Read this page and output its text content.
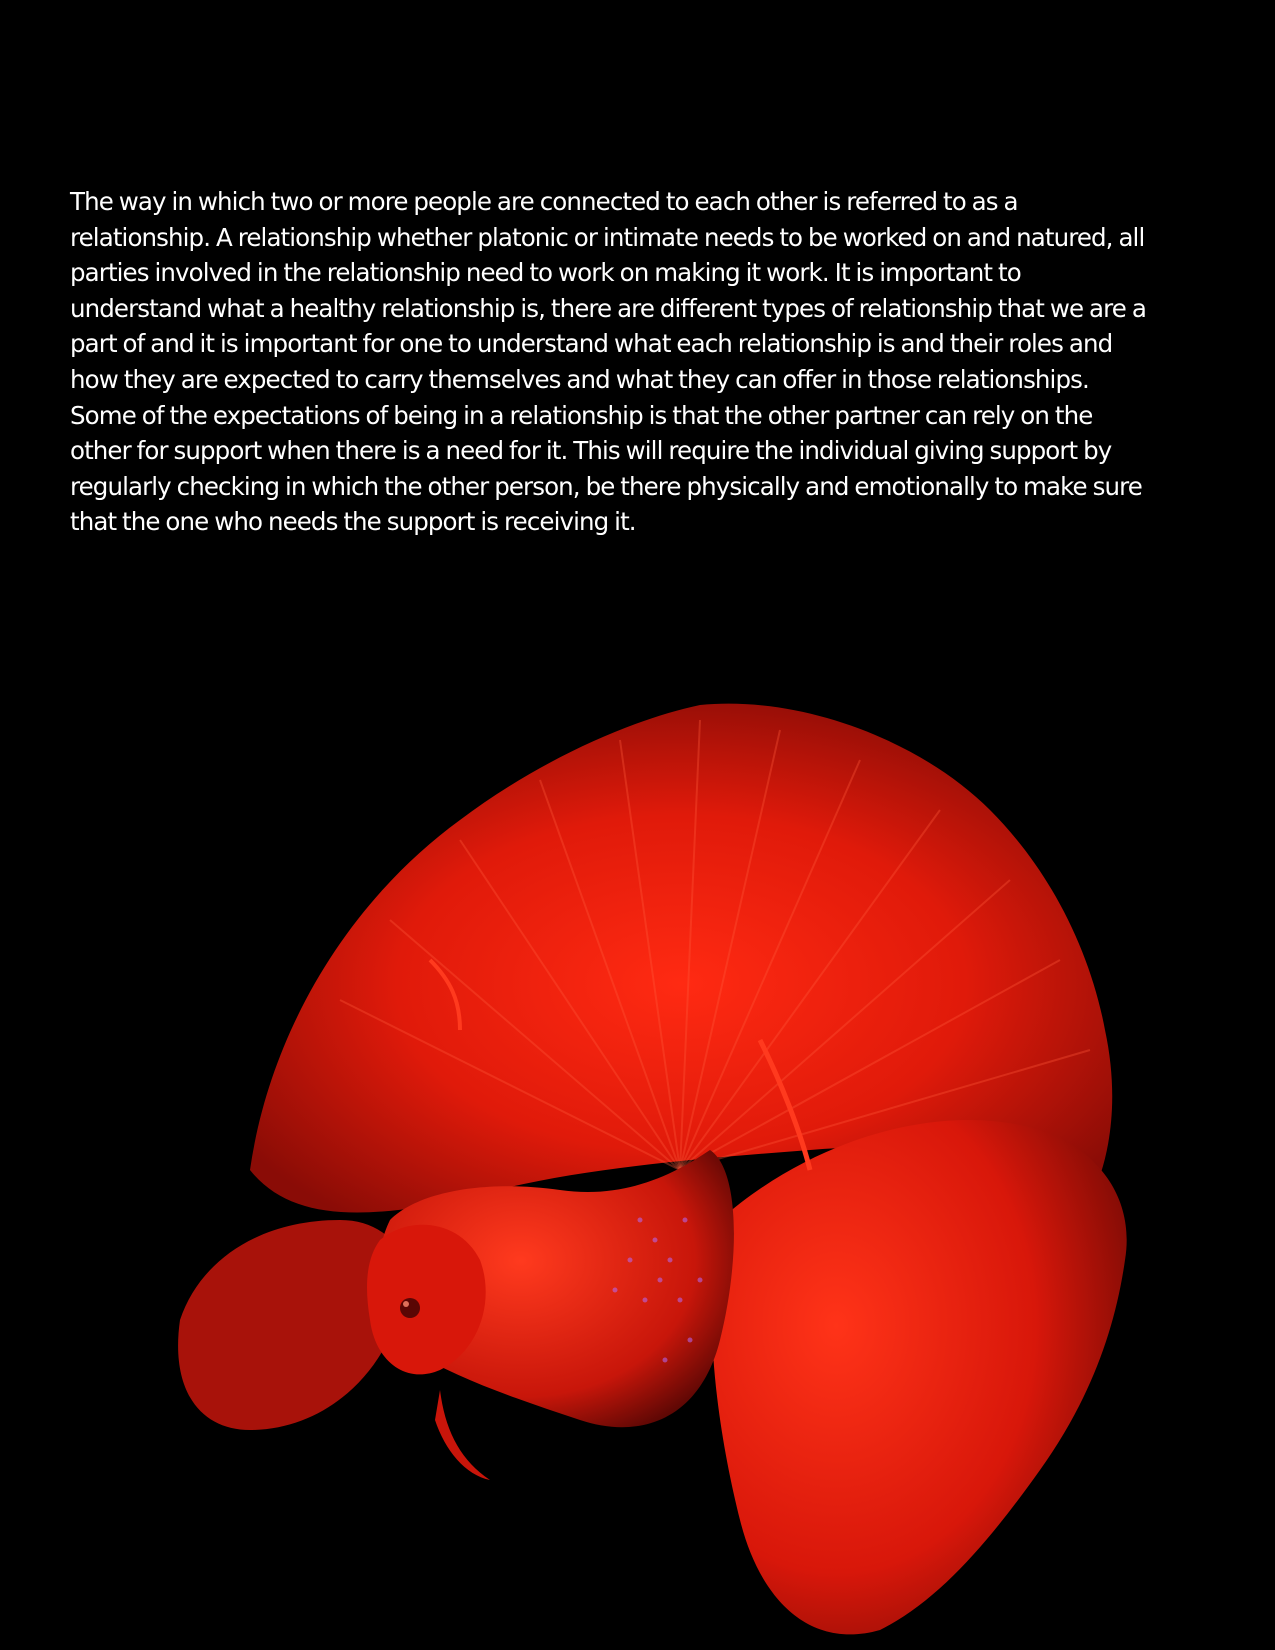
The way in which two or more people are connected to each other is referred to as a
relationship. A relationship whether platonic or intimate needs to be worked on and natured, all
parties involved in the relationship need to work on making it work. It is important to
understand what a healthy relationship is, there are different types of relationship that we are a
part of and it is important for one to understand what each relationship is and their roles and
how they are expected to carry themselves and what they can offer in those relationships.
Some of the expectations of being in a relationship is that the other partner can rely on the
other for support when there is a need for it. This will require the individual giving support by
regularly checking in which the other person, be there physically and emotionally to make sure
that the one who needs the support is receiving it.
